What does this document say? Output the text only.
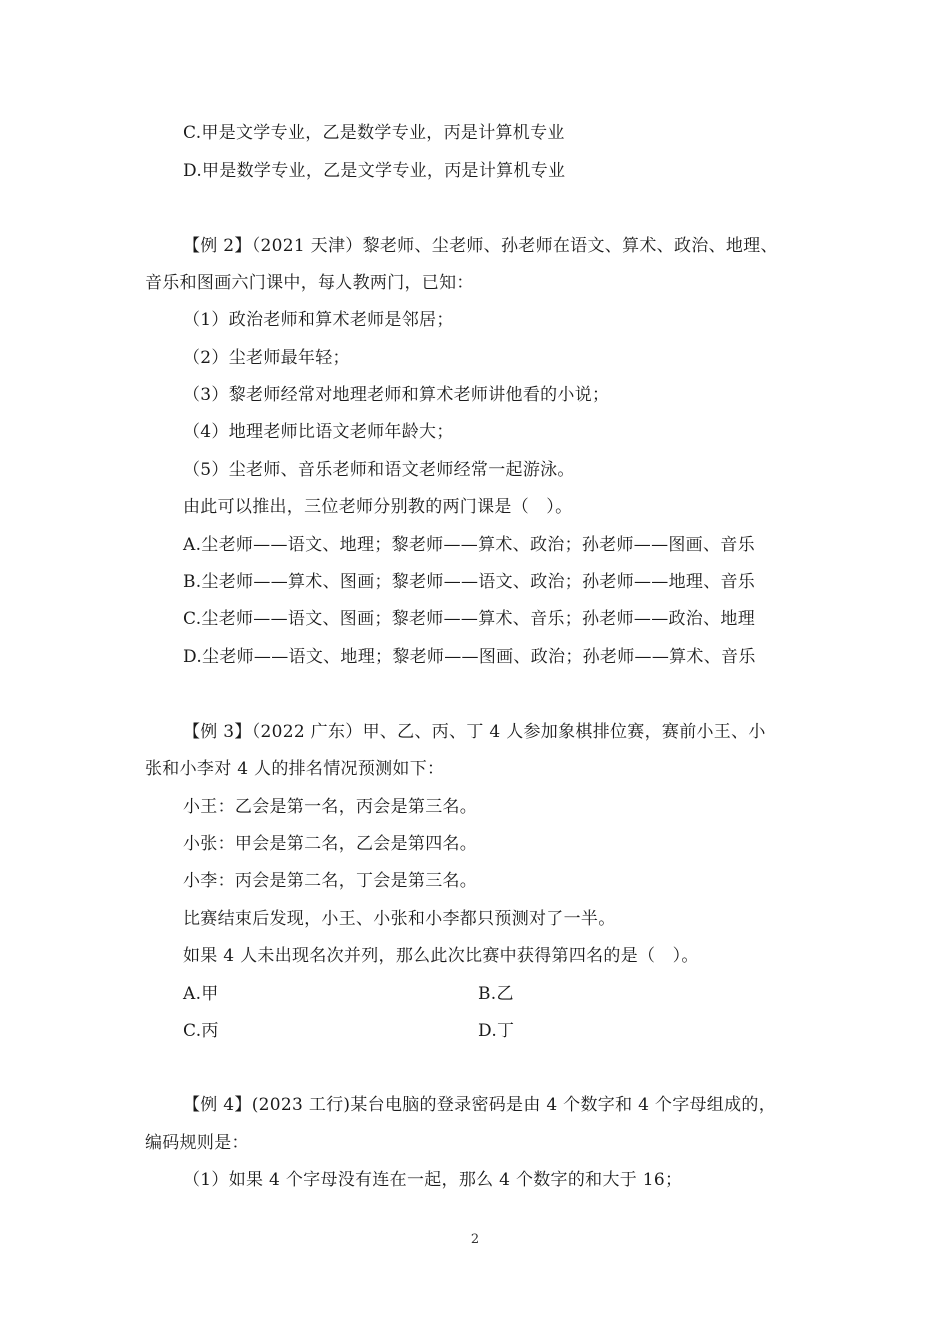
C.甲是文学专业，乙是数学专业，丙是计算机专业
D.甲是数学专业，乙是文学专业，丙是计算机专业
【例 2】（2021 天津）黎老师、尘老师、孙老师在语文、算术、政治、地理、
音乐和图画六门课中，每人教两门，已知：
（1）政治老师和算术老师是邻居；
（2）尘老师最年轻；
（3）黎老师经常对地理老师和算术老师讲他看的小说；
（4）地理老师比语文老师年龄大；
（5）尘老师、音乐老师和语文老师经常一起游泳。
由此可以推出，三位老师分别教的两门课是（　）。
A.尘老师——语文、地理；黎老师——算术、政治；孙老师——图画、音乐
B.尘老师——算术、图画；黎老师——语文、政治；孙老师——地理、音乐
C.尘老师——语文、图画；黎老师——算术、音乐；孙老师——政治、地理
D.尘老师——语文、地理；黎老师——图画、政治；孙老师——算术、音乐
【例 3】（2022 广东）甲、乙、丙、丁 4 人参加象棋排位赛，赛前小王、小
张和小李对 4 人的排名情况预测如下：
小王：乙会是第一名，丙会是第三名。
小张：甲会是第二名，乙会是第四名。
小李：丙会是第二名，丁会是第三名。
比赛结束后发现，小王、小张和小李都只预测对了一半。
如果 4 人未出现名次并列，那么此次比赛中获得第四名的是（　）。
A.甲	B.乙
C.丙	D.丁
【例 4】(2023 工行)某台电脑的登录密码是由 4 个数字和 4 个字母组成的，
编码规则是：
（1）如果 4 个字母没有连在一起，那么 4 个数字的和大于 16；
2
